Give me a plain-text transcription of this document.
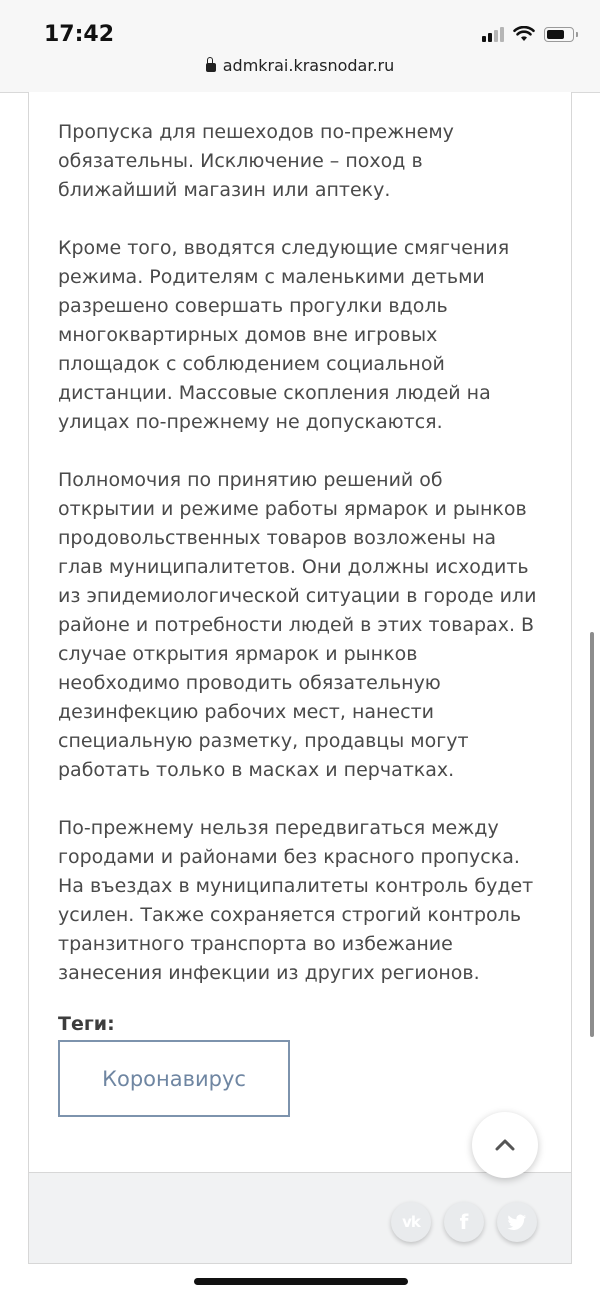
17:42
admkrai.krasnodar.ru

Пропуска для пешеходов по-прежнему обязательны. Исключение – поход в ближайший магазин или аптеку.

Кроме того, вводятся следующие смягчения режима. Родителям с маленькими детьми разрешено совершать прогулки вдоль многоквартирных домов вне игровых площадок с соблюдением социальной дистанции. Массовые скопления людей на улицах по-прежнему не допускаются.

Полномочия по принятию решений об открытии и режиме работы ярмарок и рынков продовольственных товаров возложены на глав муниципалитетов. Они должны исходить из эпидемиологической ситуации в городе или районе и потребности людей в этих товарах. В случае открытия ярмарок и рынков необходимо проводить обязательную дезинфекцию рабочих мест, нанести специальную разметку, продавцы могут работать только в масках и перчатках.

По-прежнему нельзя передвигаться между городами и районами без красного пропуска. На въездах в муниципалитеты контроль будет усилен. Также сохраняется строгий контроль транзитного транспорта во избежание занесения инфекции из других регионов.

Теги:
Коронавирус
vk f
